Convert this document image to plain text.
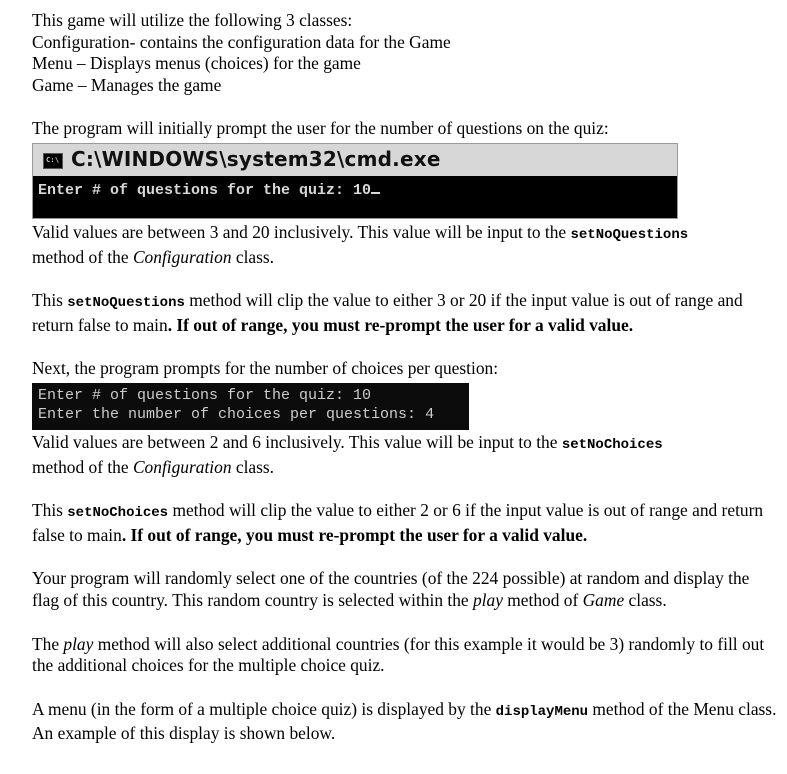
This game will utilize the following 3 classes:

Configuration- contains the configuration data for the Game

Menu – Displays menus (choices) for the game

Game – Manages the game

The program will initially prompt the user for the number of questions on the quiz:

C:\
C:\WINDOWS\system32\cmd.exe
Enter # of questions for the quiz: 10

Valid values are between 3 and 20 inclusively. This value will be input to the setNoQuestions
method of the Configuration class.

This setNoQuestions method will clip the value to either 3 or 20 if the input value is out of range and return false to main. If out of range, you must re-prompt the user for a valid value.

Next, the program prompts for the number of choices per question:

Enter # of questions for the quiz: 10
Enter the number of choices per questions: 4

Valid values are between 2 and 6 inclusively. This value will be input to the setNoChoices
method of the Configuration class.

This setNoChoices method will clip the value to either 2 or 6 if the input value is out of range and return false to main. If out of range, you must re-prompt the user for a valid value.

Your program will randomly select one of the countries (of the 224 possible) at random and display the flag of this country. This random country is selected within the play method of Game class.

The play method will also select additional countries (for this example it would be 3) randomly to fill out the additional choices for the multiple choice quiz.

A menu (in the form of a multiple choice quiz) is displayed by the displayMenu method of the Menu class. An example of this display is shown below.
